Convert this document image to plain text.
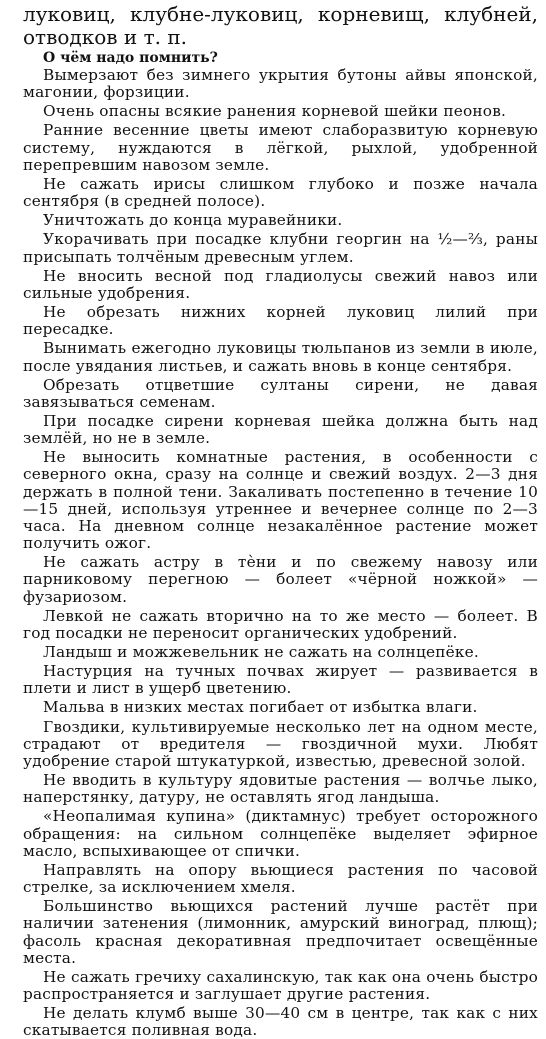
луковиц, клубне-луковиц, корневищ, клубней,

отводков и т. п.

О чём надо помнить?

Вымерзают без зимнего укрытия бутоны айвы японской, магонии, форзиции.

Очень опасны всякие ранения корневой шейки пеонов.

Ранние весенние цветы имеют слаборазвитую корневую систему, нуждаются в лёгкой, рыхлой, удобренной перепревшим навозом земле.

Не сажать ирисы слишком глубоко и позже начала сентября (в средней полосе).

Уничтожать до конца муравейники.

Укорачивать при посадке клубни георгин на ½—⅔, раны присыпать толчёным древесным углем.

Не вносить весной под гладиолусы свежий навоз или сильные удобрения.

Не обрезать нижних корней луковиц лилий при пересадке.

Вынимать ежегодно луковицы тюльпанов из земли в июле, после увядания листьев, и сажать вновь в конце сентября.

Обрезать отцветшие султаны сирени, не давая завязываться семенам.

При посадке сирени корневая шейка должна быть над землёй, но не в земле.

Не выносить комнатные растения, в особенности с северного окна, сразу на солнце и свежий воздух. 2—3 дня держать в полной тени. Закаливать постепенно в течение 10—15 дней, используя утреннее и вечернее солнце по 2—3 часа. На дневном солнце незакалённое растение может получить ожог.

Не сажать астру в тѐни и по свежему навозу или парниковому перегною — болеет «чёрной ножкой» — фузариозом.

Левкой не сажать вторично на то же место — болеет. В год посадки не переносит органических удобрений.

Ландыш и можжевельник не сажать на солнцепёке.

Настурция на тучных почвах жирует — развивается в плети и лист в ущерб цветению.

Мальва в низких местах погибает от избытка влаги.

Гвоздики, культивируемые несколько лет на одном месте, страдают от вредителя — гвоздичной мухи. Любят удобрение старой штукатуркой, известью, древесной золой.

Не вводить в культуру ядовитые растения — волчье лыко, наперстянку, датуру, не оставлять ягод ландыша.

«Неопалимая купина» (диктамнус) требует осторожного обращения: на сильном солнцепёке выделяет эфирное масло, вспыхивающее от спички.

Направлять на опору вьющиеся растения по часовой стрелке, за исключением хмеля.

Большинство вьющихся растений лучше растёт при наличии затенения (лимонник, амурский виноград, плющ); фасоль красная декоративная предпочитает освещённые места.

Не сажать гречиху сахалинскую, так как она очень быстро распространяется и заглушает другие растения.

Не делать клумб выше 30—40 см в центре, так как с них скатывается поливная вода.
